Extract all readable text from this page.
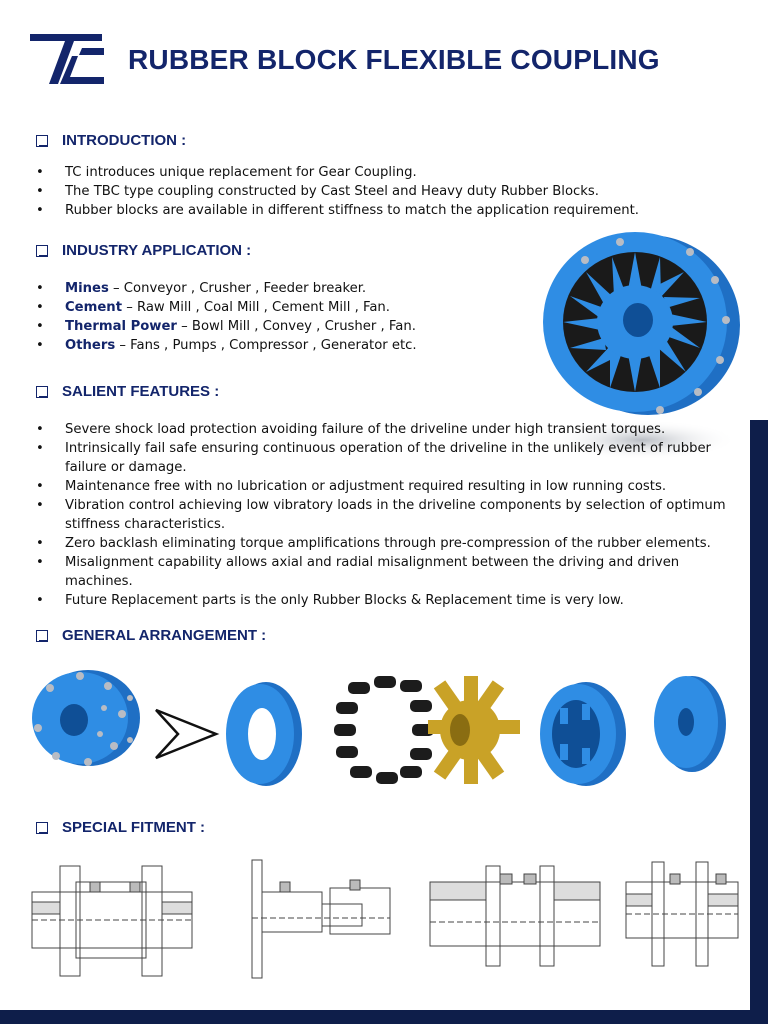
RUBBER BLOCK FLEXIBLE COUPLING
INTRODUCTION :
• TC introduces unique replacement for Gear Coupling.
• The TBC type coupling constructed by Cast Steel and Heavy duty Rubber Blocks.
• Rubber blocks are available in different stiffness to match the application requirement.
INDUSTRY APPLICATION :
• Mines – Conveyor , Crusher , Feeder breaker.
• Cement – Raw Mill , Coal Mill , Cement Mill , Fan.
• Thermal Power – Bowl Mill , Convey , Crusher , Fan.
• Others – Fans , Pumps , Compressor , Generator etc.
SALIENT FEATURES :
• Severe shock load protection avoiding failure of the driveline under high transient torques.
• Intrinsically fail safe ensuring continuous operation of the driveline in the unlikely event of rubber failure or damage.
• Maintenance free with no lubrication or adjustment required resulting in low running costs.
• Vibration control achieving low vibratory loads in the driveline components by selection of optimum stiffness characteristics.
• Zero backlash eliminating torque amplifications through pre-compression of the rubber elements.
• Misalignment capability allows axial and radial misalignment between the driving and driven machines.
• Future Replacement parts is the only Rubber Blocks & Replacement time is very low.
GENERAL ARRANGEMENT :
SPECIAL FITMENT :
